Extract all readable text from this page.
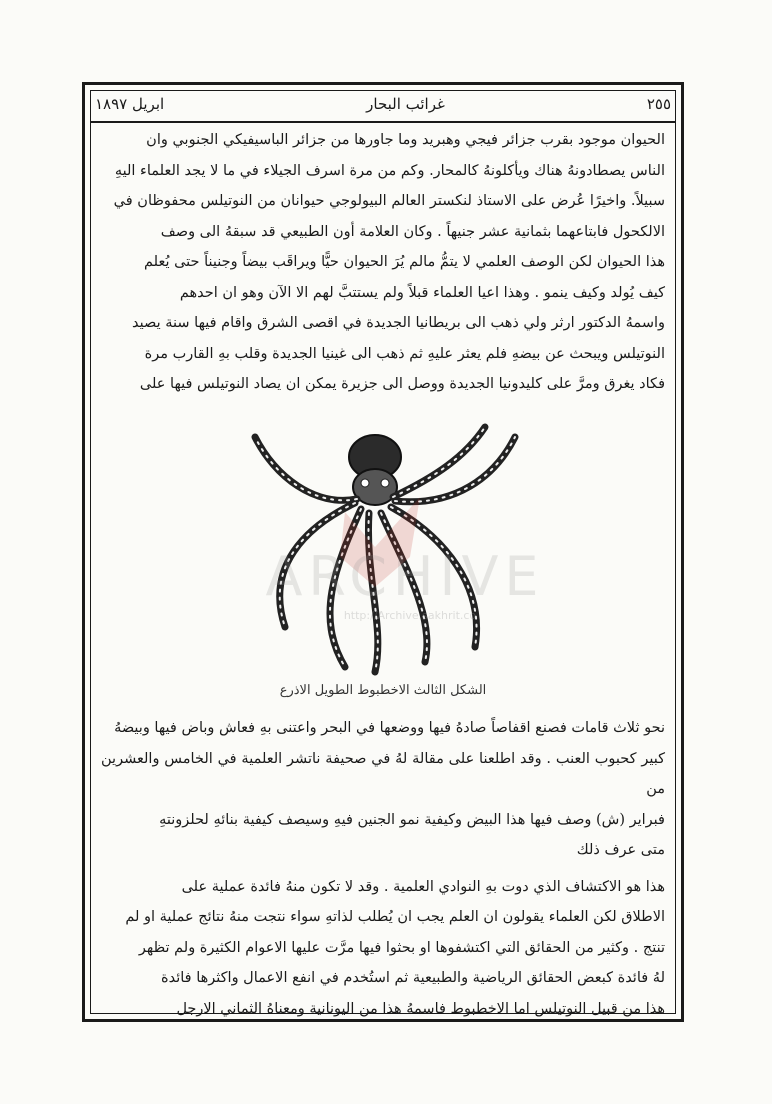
٢٥٥
غرائب البحار
ابريل ١٨٩٧

الحيوان موجود بقرب جزائر فيجي وهبريد وما جاورها من جزائر الباسيفيكي الجنوبي وان

الناس يصطادونهُ هناك ويأكلونهُ كالمحار. وكم من مرة اسرف الجيلاء في ما لا يجد العلماء اليهِ

سبيلاً. واخيرًا عُرض على الاستاذ لنكستر العالم البيولوجي حيوانان من النوتيلس محفوظان في

الالكحول فابتاعهما بثمانية عشر جنيهاً . وكان العلامة أون الطبيعي قد سبقهُ الى وصف

هذا الحيوان لكن الوصف العلمي لا يتمُّ مالم يُرَ الحيوان حيًّا ويراقَب بيضاً وجنيناً حتى يُعلم

كيف يُولد وكيف ينمو . وهذا اعيا العلماء قبلاً ولم يستتبَّ لهم الا الآن وهو ان احدهم

واسمهُ الدكتور ارثر ولي ذهب الى بريطانيا الجديدة في اقصى الشرق واقام فيها سنة يصيد

النوتيلس ويبحث عن بيضهِ فلم يعثر عليهِ ثم ذهب الى غينيا الجديدة وقلب بهِ القارب مرة

فكاد يغرق ومرَّ على كليدونيا الجديدة ووصل الى جزيرة يمكن ان يصاد النوتيلس فيها على

ARCHIVE
http://Archive.sakhrit.co
الشكل الثالث الاخطبوط الطويل الاذرع

نحو ثلاث قامات فصنع اقفاصاً صادهُ فيها ووضعها في البحر واعتنى بهِ فعاش وباض فيها وبيضهُ

كبير كحبوب العنب . وقد اطلعنا على مقالة لهُ في صحيفة ناتشر العلمية في الخامس والعشرين من

فبراير (ش) وصف فيها هذا البيض وكيفية نمو الجنين فيهِ وسيصف كيفية بنائهِ لحلزونتهِ

متى عرف ذلك

هذا هو الاكتشاف الذي دوت بهِ النوادي العلمية . وقد لا تكون منهُ فائدة عملية على

الاطلاق لكن العلماء يقولون ان العلم يجب ان يُطلب لذاتهِ سواء نتجت منهُ نتائج عملية او لم

تنتج . وكثير من الحقائق التي اكتشفوها او بحثوا فيها مرَّت عليها الاعوام الكثيرة ولم تظهر

لهُ فائدة كبعض الحقائق الرياضية والطبيعية ثم استُخدم في انفع الاعمال واكثرها فائدة

هذا من قبيل النوتيلس اما الاخطبوط فاسمهُ هذا من اليونانية ومعناهُ الثماني الارجل
